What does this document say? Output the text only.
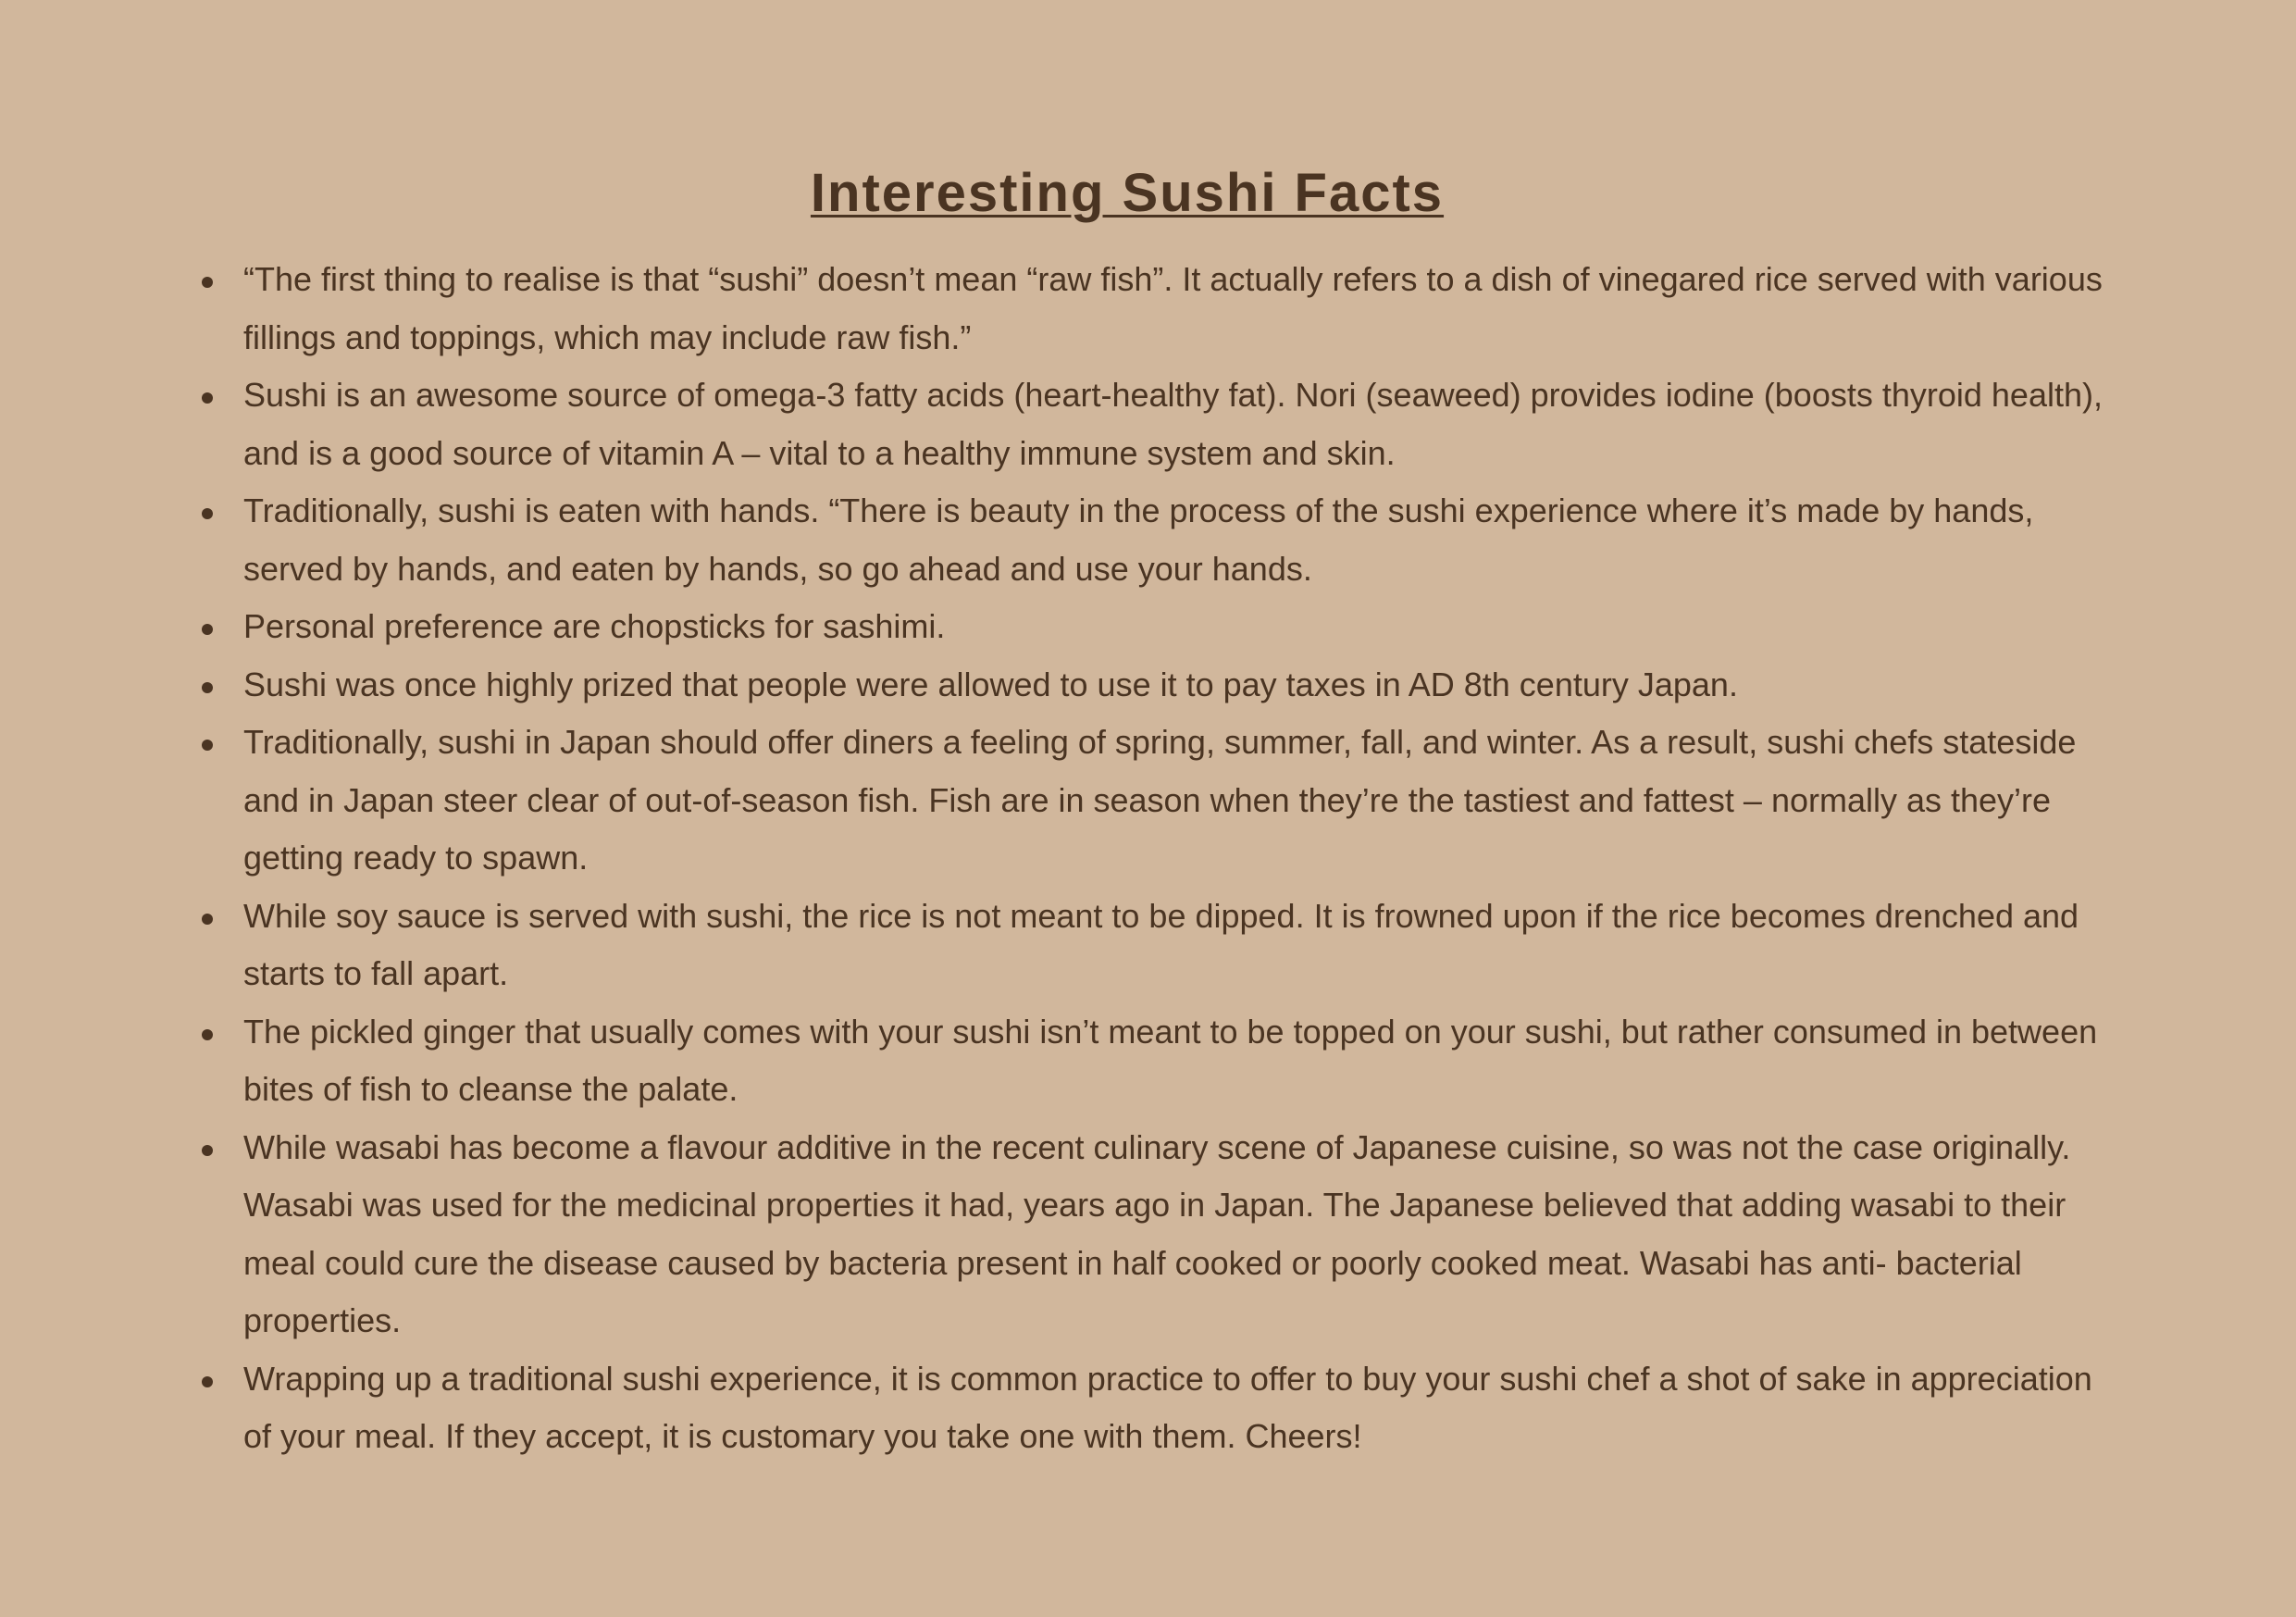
Interesting Sushi Facts
“The first thing to realise is that “sushi” doesn’t mean “raw fish”. It actually refers to a dish of vinegared rice served with various fillings and toppings, which may include raw fish.”
Sushi is an awesome source of omega-3 fatty acids (heart-healthy fat). Nori (seaweed) provides iodine (boosts thyroid health), and is a good source of vitamin A – vital to a healthy immune system and skin.
Traditionally, sushi is eaten with hands. “There is beauty in the process of the sushi experience where it’s made by hands, served by hands, and eaten by hands, so go ahead and use your hands.
Personal preference are chopsticks for sashimi.
Sushi was once highly prized that people were allowed to use it to pay taxes in AD 8th century Japan.
Traditionally, sushi in Japan should offer diners a feeling of spring, summer, fall, and winter. As a result, sushi chefs stateside and in Japan steer clear of out-of-season fish. Fish are in season when they’re the tastiest and fattest – normally as they’re getting ready to spawn.
While soy sauce is served with sushi, the rice is not meant to be dipped. It is frowned upon if the rice becomes drenched and starts to fall apart.
The pickled ginger that usually comes with your sushi isn’t meant to be topped on your sushi, but rather consumed in between bites of fish to cleanse the palate.
While wasabi has become a flavour additive in the recent culinary scene of Japanese cuisine, so was not the case originally. Wasabi was used for the medicinal properties it had, years ago in Japan. The Japanese believed that adding wasabi to their meal could cure the disease caused by bacteria present in half cooked or poorly cooked meat. Wasabi has anti- bacterial properties.
Wrapping up a traditional sushi experience, it is common practice to offer to buy your sushi chef a shot of sake in appreciation of your meal. If they accept, it is customary you take one with them. Cheers!
